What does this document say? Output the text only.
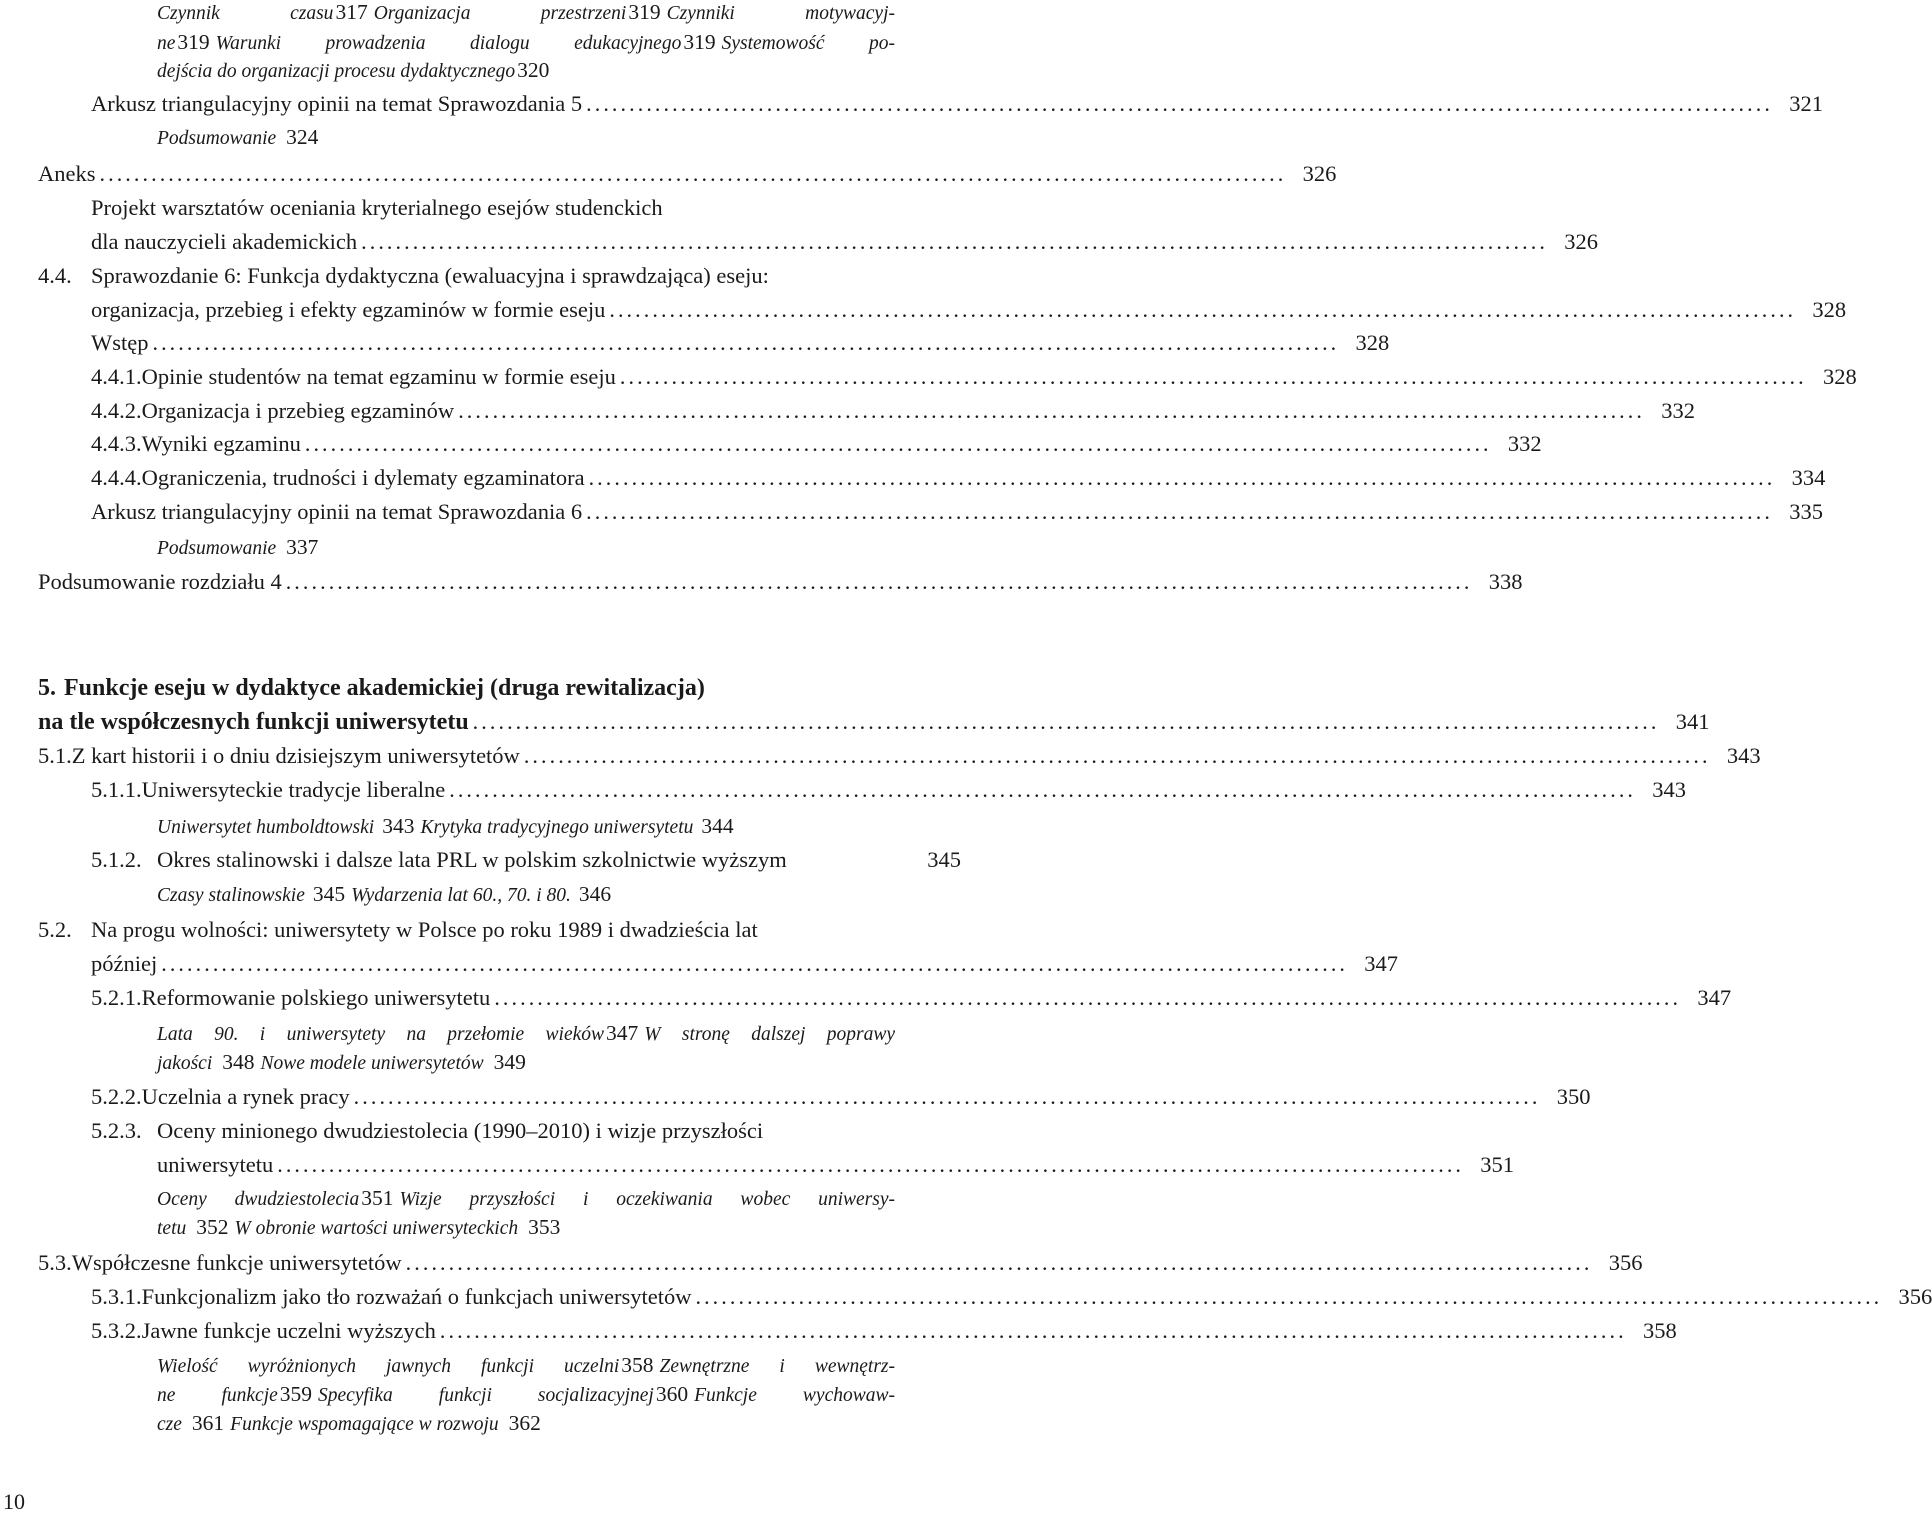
Czynnik czasu317 Organizacja przestrzeni319 Czynniki motywacyj-
ne319 Warunki prowadzenia dialogu edukacyjnego319 Systemowość po-
dejścia do organizacji procesu dydaktycznego320
Arkusz triangulacyjny opinii na temat Sprawozdania 5 .......................................................................................................................................... 321
Podsumowanie 324
Aneks .......................................................................................................................................... 326
Projekt warsztatów oceniania kryterialnego esejów studenckich
dla nauczycieli akademickich .......................................................................................................................................... 326
4.4. Sprawozdanie 6: Funkcja dydaktyczna (ewaluacyjna i sprawdzająca) eseju:
organizacja, przebieg i efekty egzaminów w formie eseju .......................................................................................................................................... 328
Wstęp .......................................................................................................................................... 328
4.4.1. Opinie studentów na temat egzaminu w formie eseju .......................................................................................................................................... 328
4.4.2. Organizacja i przebieg egzaminów .......................................................................................................................................... 332
4.4.3. Wyniki egzaminu .......................................................................................................................................... 332
4.4.4. Ograniczenia, trudności i dylematy egzaminatora .......................................................................................................................................... 334
Arkusz triangulacyjny opinii na temat Sprawozdania 6 .......................................................................................................................................... 335
Podsumowanie 337
Podsumowanie rozdziału 4 .......................................................................................................................................... 338
5. Funkcje eseju w dydaktyce akademickiej (druga rewitalizacja)
na tle współczesnych funkcji uniwersytetu .......................................................................................................................................... 341
5.1. Z kart historii i o dniu dzisiejszym uniwersytetów .......................................................................................................................................... 343
5.1.1. Uniwersyteckie tradycje liberalne .......................................................................................................................................... 343
Uniwersytet humboldtowski 343 Krytyka tradycyjnego uniwersytetu 344
5.1.2. Okres stalinowski i dalsze lata PRL w polskim szkolnictwie wyższym	345
Czasy stalinowskie 345 Wydarzenia lat 60., 70. i 80. 346
5.2. Na progu wolności: uniwersytety w Polsce po roku 1989 i dwadzieścia lat
później .......................................................................................................................................... 347
5.2.1. Reformowanie polskiego uniwersytetu .......................................................................................................................................... 347
Lata 90. i uniwersytety na przełomie wieków347 W stronę dalszej poprawy
jakości 348 Nowe modele uniwersytetów 349
5.2.2. Uczelnia a rynek pracy .......................................................................................................................................... 350
5.2.3. Oceny minionego dwudziestolecia (1990–2010) i wizje przyszłości
uniwersytetu .......................................................................................................................................... 351
Oceny dwudziestolecia351 Wizje przyszłości i oczekiwania wobec uniwersy-
tetu 352 W obronie wartości uniwersyteckich 353
5.3. Współczesne funkcje uniwersytetów .......................................................................................................................................... 356
5.3.1. Funkcjonalizm jako tło rozważań o funkcjach uniwersytetów .......................................................................................................................................... 356
5.3.2. Jawne funkcje uczelni wyższych .......................................................................................................................................... 358
Wielość wyróżnionych jawnych funkcji uczelni358 Zewnętrzne i wewnętrz-
ne funkcje359 Specyfika funkcji socjalizacyjnej360 Funkcje wychowaw-
cze 361 Funkcje wspomagające w rozwoju 362
10
